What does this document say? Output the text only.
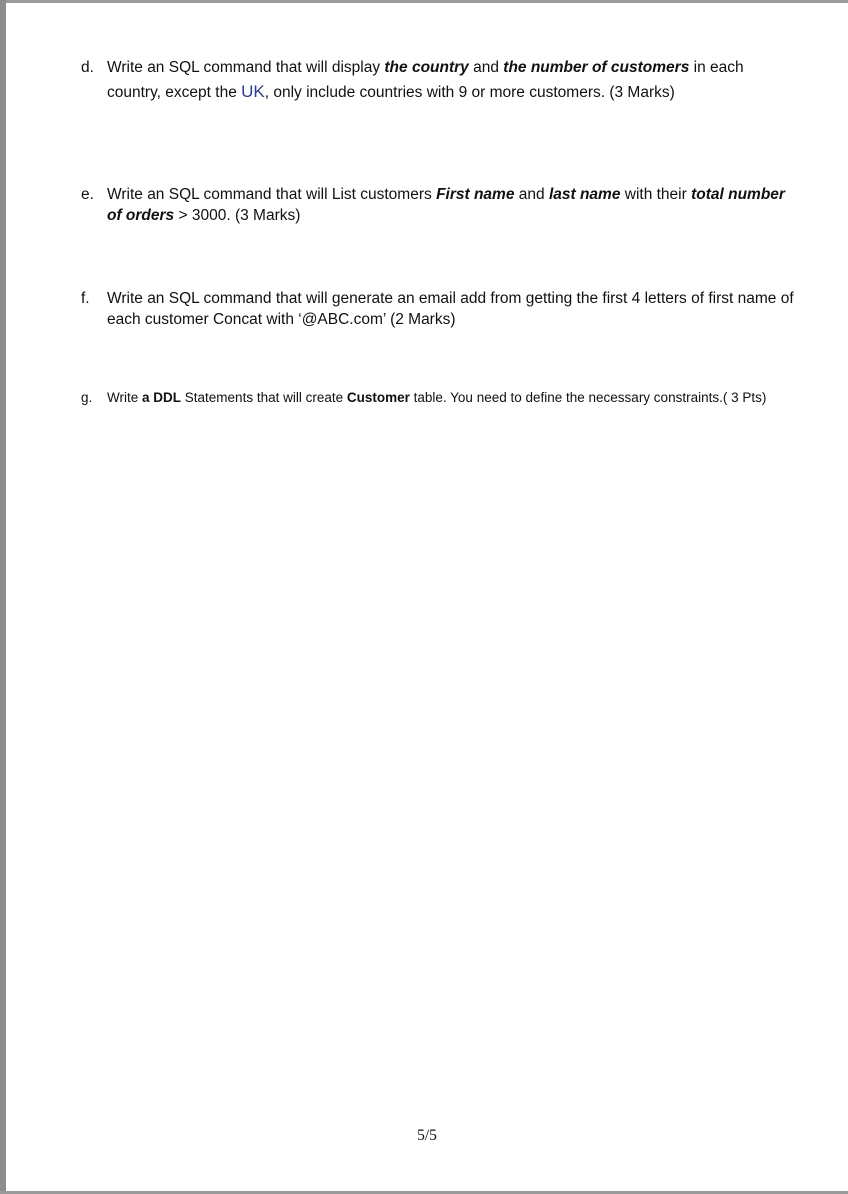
d. Write an SQL command that will display the country and the number of customers in each country, except the UK, only include countries with 9 or more customers. (3 Marks)
e. Write an SQL command that will List customers First name and last name with their total number of orders > 3000. (3 Marks)
f. Write an SQL command that will generate an email add from getting the first 4 letters of first name of each customer Concat with ‘@ABC.com’ (2 Marks)
g. Write a DDL Statements that will create Customer table. You need to define the necessary constraints.( 3 Pts)
5/5
